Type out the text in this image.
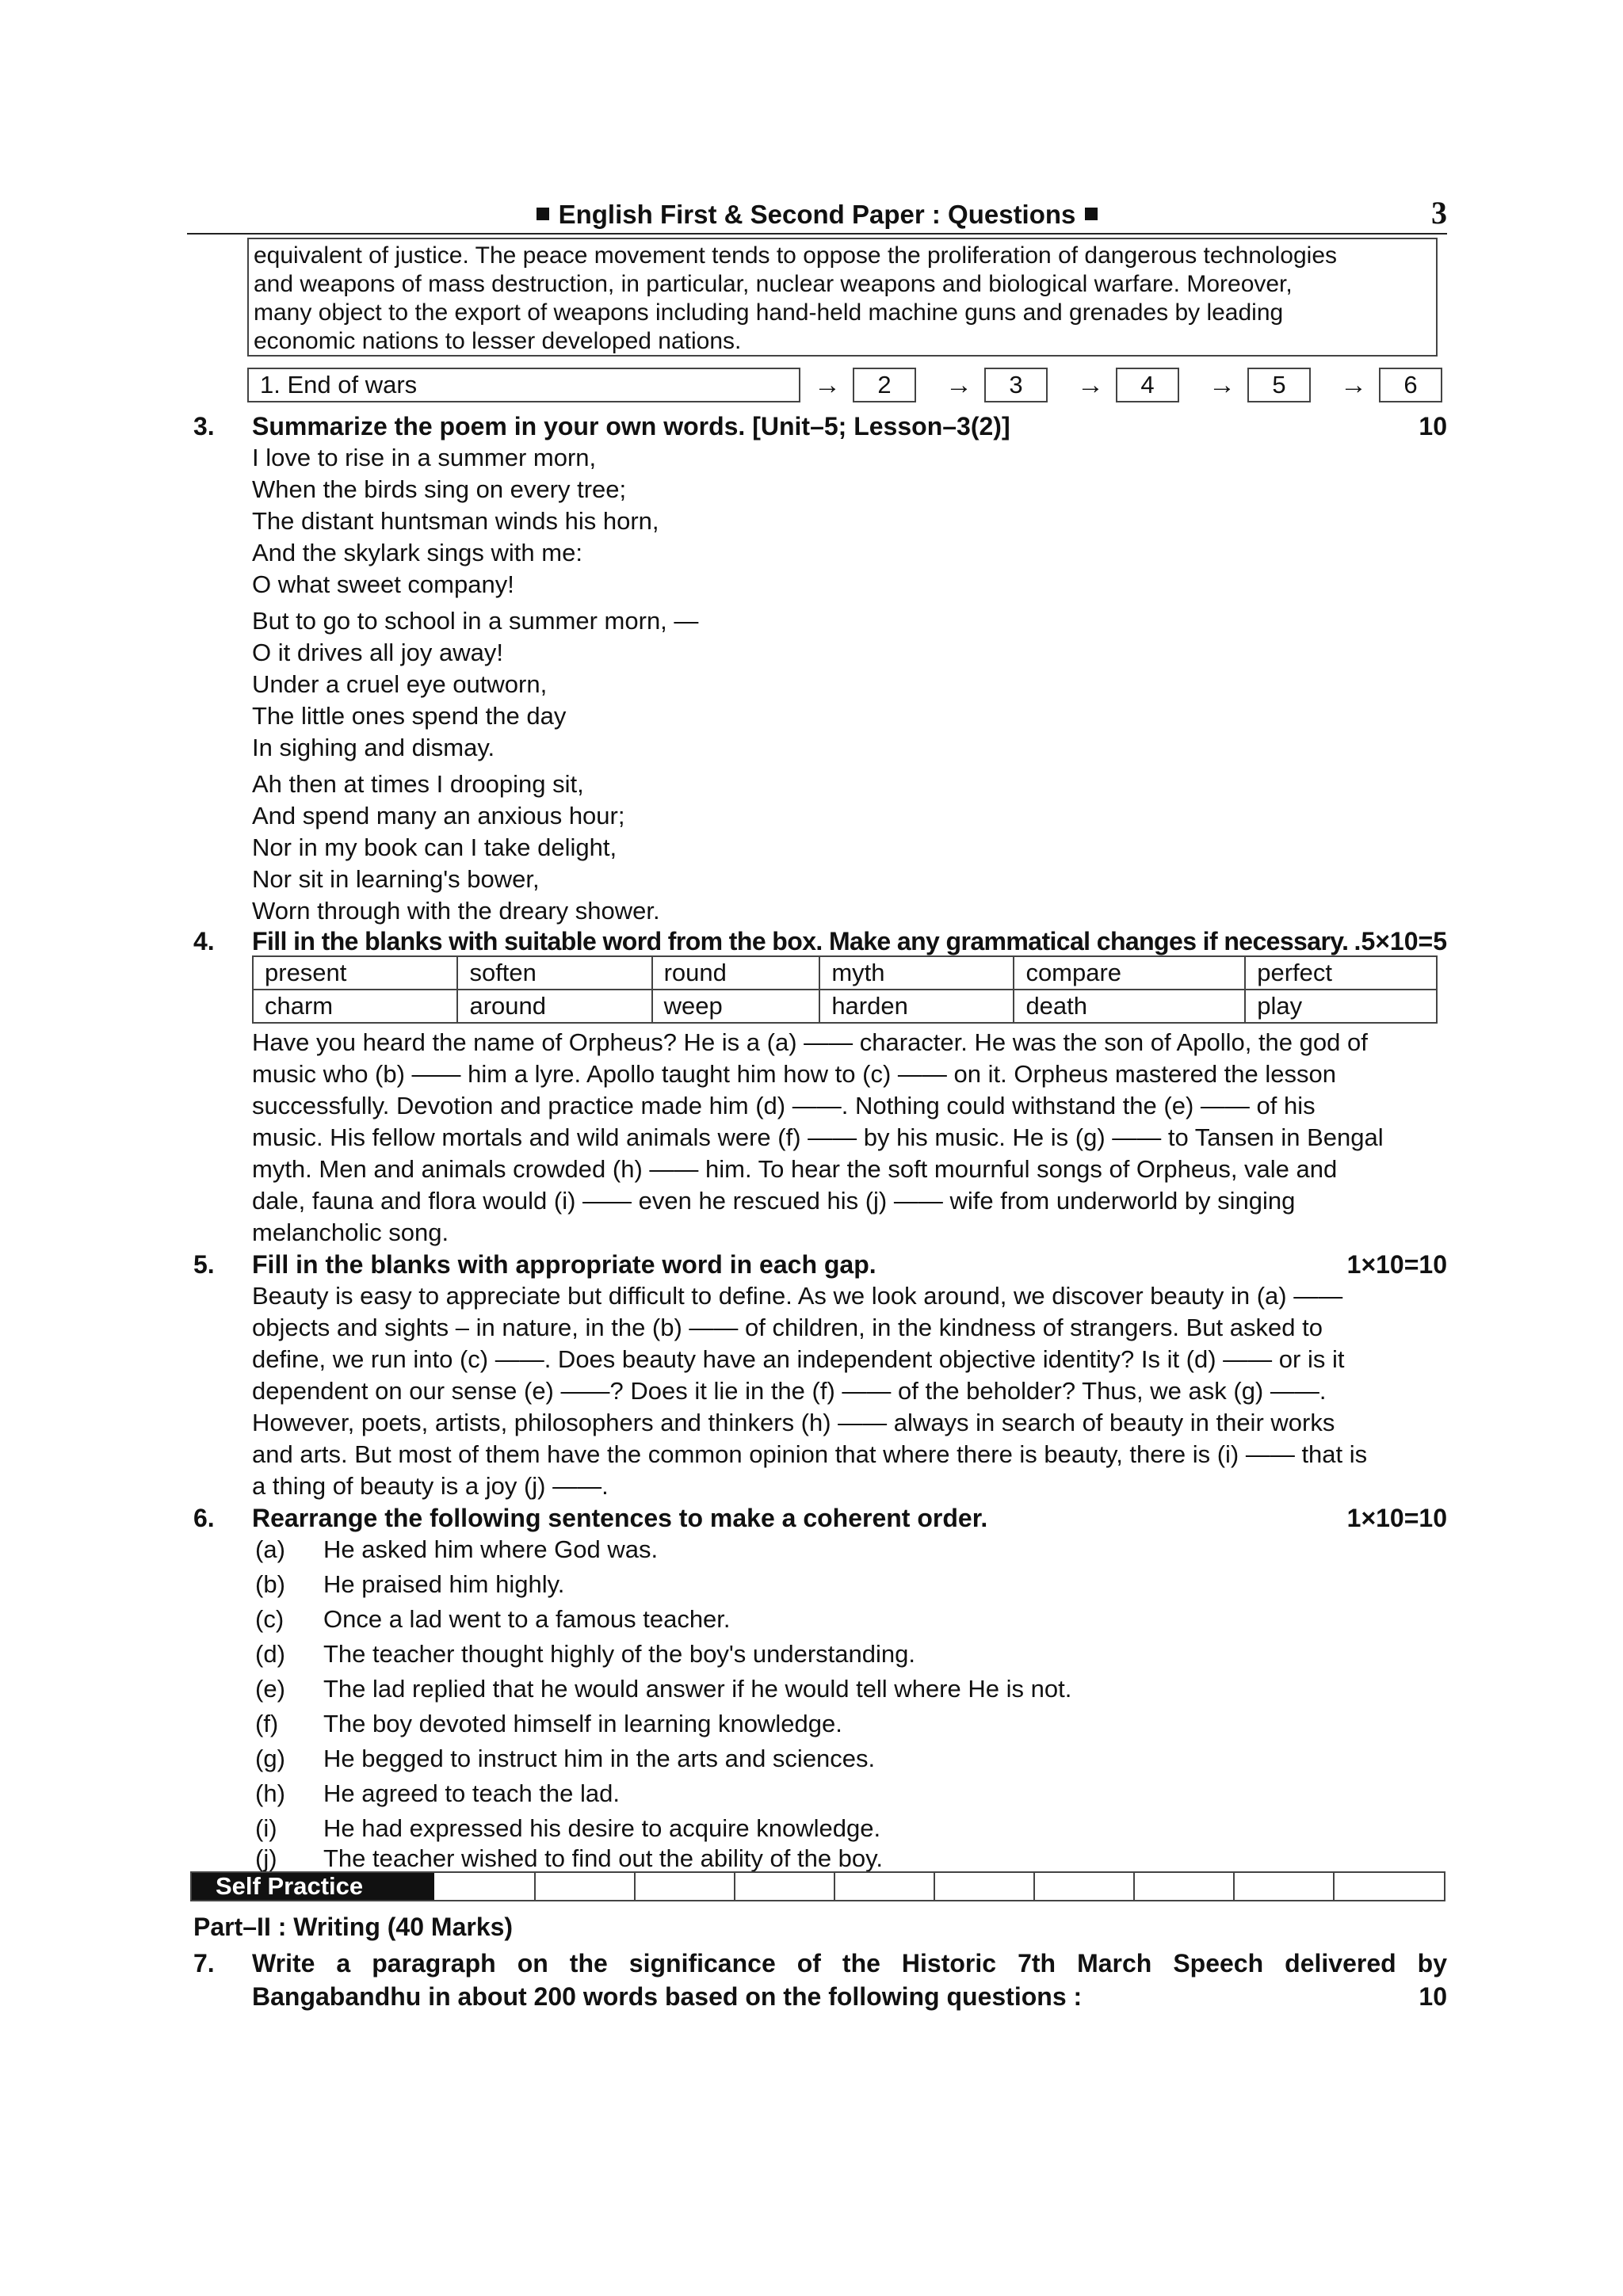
English First & Second Paper : Questions	3
equivalent of justice. The peace movement tends to oppose the proliferation of dangerous technologies
and weapons of mass destruction, in particular, nuclear weapons and biological warfare. Moreover,
many object to the export of weapons including hand-held machine guns and grenades by leading
economic nations to lesser developed nations.
1. End of wars	→	2	→	3	→	4	→	5	→	6
3. Summarize the poem in your own words. [Unit–5; Lesson–3(2)]	10
I love to rise in a summer morn,
When the birds sing on every tree;
The distant huntsman winds his horn,
And the skylark sings with me:
O what sweet company!
But to go to school in a summer morn, —
O it drives all joy away!
Under a cruel eye outworn,
The little ones spend the day
In sighing and dismay.
Ah then at times I drooping sit,
And spend many an anxious hour;
Nor in my book can I take delight,
Nor sit in learning's bower,
Worn through with the dreary shower.
4. Fill in the blanks with suitable word from the box. Make any grammatical changes if necessary. .5×10=5
present	soften	round	myth	compare	perfect
charm	around	weep	harden	death	play
Have you heard the name of Orpheus? He is a (a) —— character. He was the son of Apollo, the god of
music who (b) —— him a lyre. Apollo taught him how to (c) —— on it. Orpheus mastered the lesson
successfully. Devotion and practice made him (d) ——. Nothing could withstand the (e) —— of his
music. His fellow mortals and wild animals were (f) —— by his music. He is (g) —— to Tansen in Bengal
myth. Men and animals crowded (h) —— him. To hear the soft mournful songs of Orpheus, vale and
dale, fauna and flora would (i) —— even he rescued his (j) —— wife from underworld by singing
melancholic song.
5. Fill in the blanks with appropriate word in each gap.	1×10=10
Beauty is easy to appreciate but difficult to define. As we look around, we discover beauty in (a) ——
objects and sights – in nature, in the (b) —— of children, in the kindness of strangers. But asked to
define, we run into (c) ——. Does beauty have an independent objective identity? Is it (d) —— or is it
dependent on our sense (e) ——? Does it lie in the (f) —— of the beholder? Thus, we ask (g) ——.
However, poets, artists, philosophers and thinkers (h) —— always in search of beauty in their works
and arts. But most of them have the common opinion that where there is beauty, there is (i) —— that is
a thing of beauty is a joy (j) ——.
6. Rearrange the following sentences to make a coherent order.	1×10=10
(a) He asked him where God was.
(b) He praised him highly.
(c) Once a lad went to a famous teacher.
(d) The teacher thought highly of the boy's understanding.
(e) The lad replied that he would answer if he would tell where He is not.
(f) The boy devoted himself in learning knowledge.
(g) He begged to instruct him in the arts and sciences.
(h) He agreed to teach the lad.
(i) He had expressed his desire to acquire knowledge.
(j) The teacher wished to find out the ability of the boy.
Self Practice
Part–II : Writing (40 Marks)
7. Write a paragraph on the significance of the Historic 7th March Speech delivered by
Bangabandhu in about 200 words based on the following questions :	10
